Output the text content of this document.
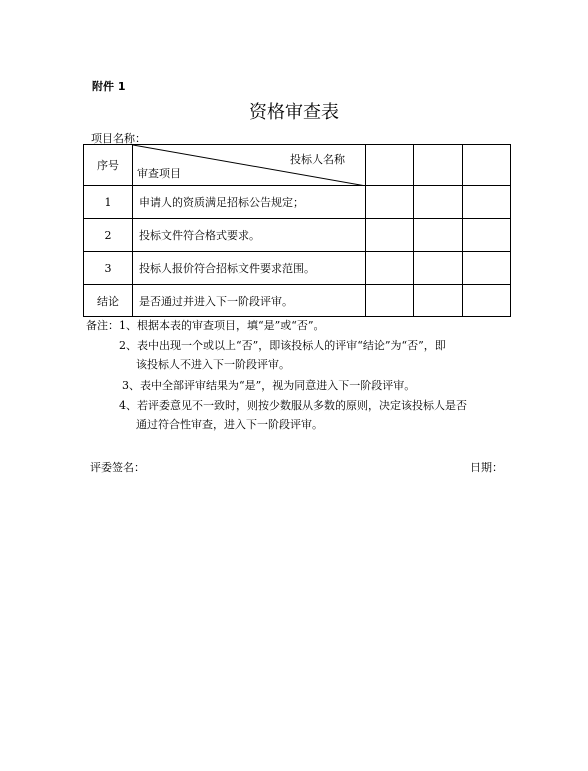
附件 1
资格审查表
项目名称：
序号	投标人名称
审查项目			

1	申请人的资质满足招标公告规定；			
2	投标文件符合格式要求。			
3	投标人报价符合招标文件要求范围。			
结论	是否通过并进入下一阶段评审。			
备注：1、根据本表的审查项目，填“是”或“否”。
2、表中出现一个或以上“否”，即该投标人的评审“结论”为“否”，即
该投标人不进入下一阶段评审。
3、表中全部评审结果为“是”，视为同意进入下一阶段评审。
4、若评委意见不一致时，则按少数服从多数的原则，决定该投标人是否
通过符合性审查，进入下一阶段评审。
评委签名：	日期：
